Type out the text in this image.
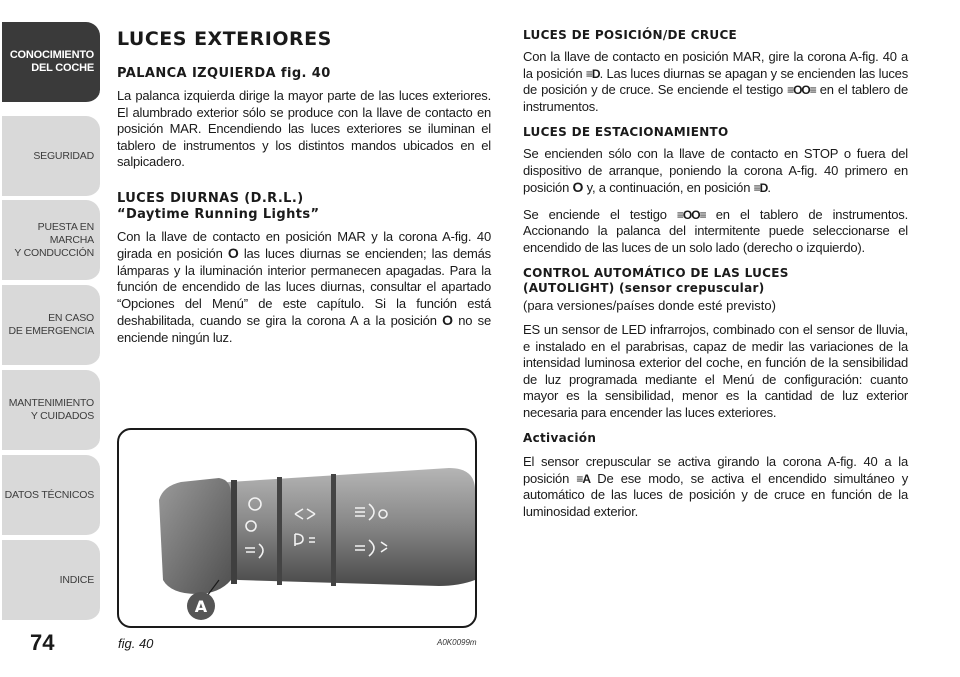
CONOCIMIENTO
DEL COCHE
SEGURIDAD
PUESTA EN MARCHA
Y CONDUCCIÓN
EN CASO
DE EMERGENCIA
MANTENIMIENTO
Y CUIDADOS
DATOS TÉCNICOS
INDICE
74
LUCES EXTERIORES
PALANCA IZQUIERDA fig. 40

La palanca izquierda dirige la mayor parte de las luces exteriores. El alumbrado exterior sólo se produce con la llave de contacto en posición MAR. Encendiendo las luces exteriores se iluminan el tablero de instrumentos y los distintos mandos ubicados en el salpicadero.

LUCES DIURNAS (D.R.L.)
“Daytime Running Lights”

Con la llave de contacto en posición MAR y la corona A-fig. 40 girada en posición O las luces diurnas se encienden; las demás lámparas y la iluminación interior permanecen apagadas. Para la función de encendido de las luces diurnas, consultar el apartado “Opciones del Menú” de este capítulo. Si la función está deshabilitada, cuando se gira la corona A a la posición O no se enciende ningún luz.

A
fig. 40	A0K0099m
LUCES DE POSICIÓN/DE CRUCE

Con la llave de contacto en posición MAR, gire la corona A-fig. 40 a la posición ≡D. Las luces diurnas se apagan y se encienden las luces de posición y de cruce. Se enciende el testigo ≡OO≡ en el tablero de instrumentos.

LUCES DE ESTACIONAMIENTO

Se encienden sólo con la llave de contacto en STOP o fuera del dispositivo de arranque, poniendo la corona A-fig. 40 primero en posición O y, a continuación, en posición ≡D.

Se enciende el testigo ≡OO≡ en el tablero de instrumentos. Accionando la palanca del intermitente puede seleccionarse el encendido de las luces de un solo lado (derecho o izquierdo).

CONTROL AUTOMÁTICO DE LAS LUCES
(AUTOLIGHT) (sensor crepuscular)
(para versiones/países donde esté previsto)

ES un sensor de LED infrarrojos, combinado con el sensor de lluvia, e instalado en el parabrisas, capaz de medir las variaciones de la intensidad luminosa exterior del coche, en función de la sensibilidad de luz programada mediante el Menú de configuración: cuanto mayor es la sensibilidad, menor es la cantidad de luz exterior necesaria para encender las luces exteriores.

Activación

El sensor crepuscular se activa girando la corona A-fig. 40 a la posición ≡A De ese modo, se activa el encendido simultáneo y automático de las luces de posición y de cruce en función de la luminosidad exterior.
